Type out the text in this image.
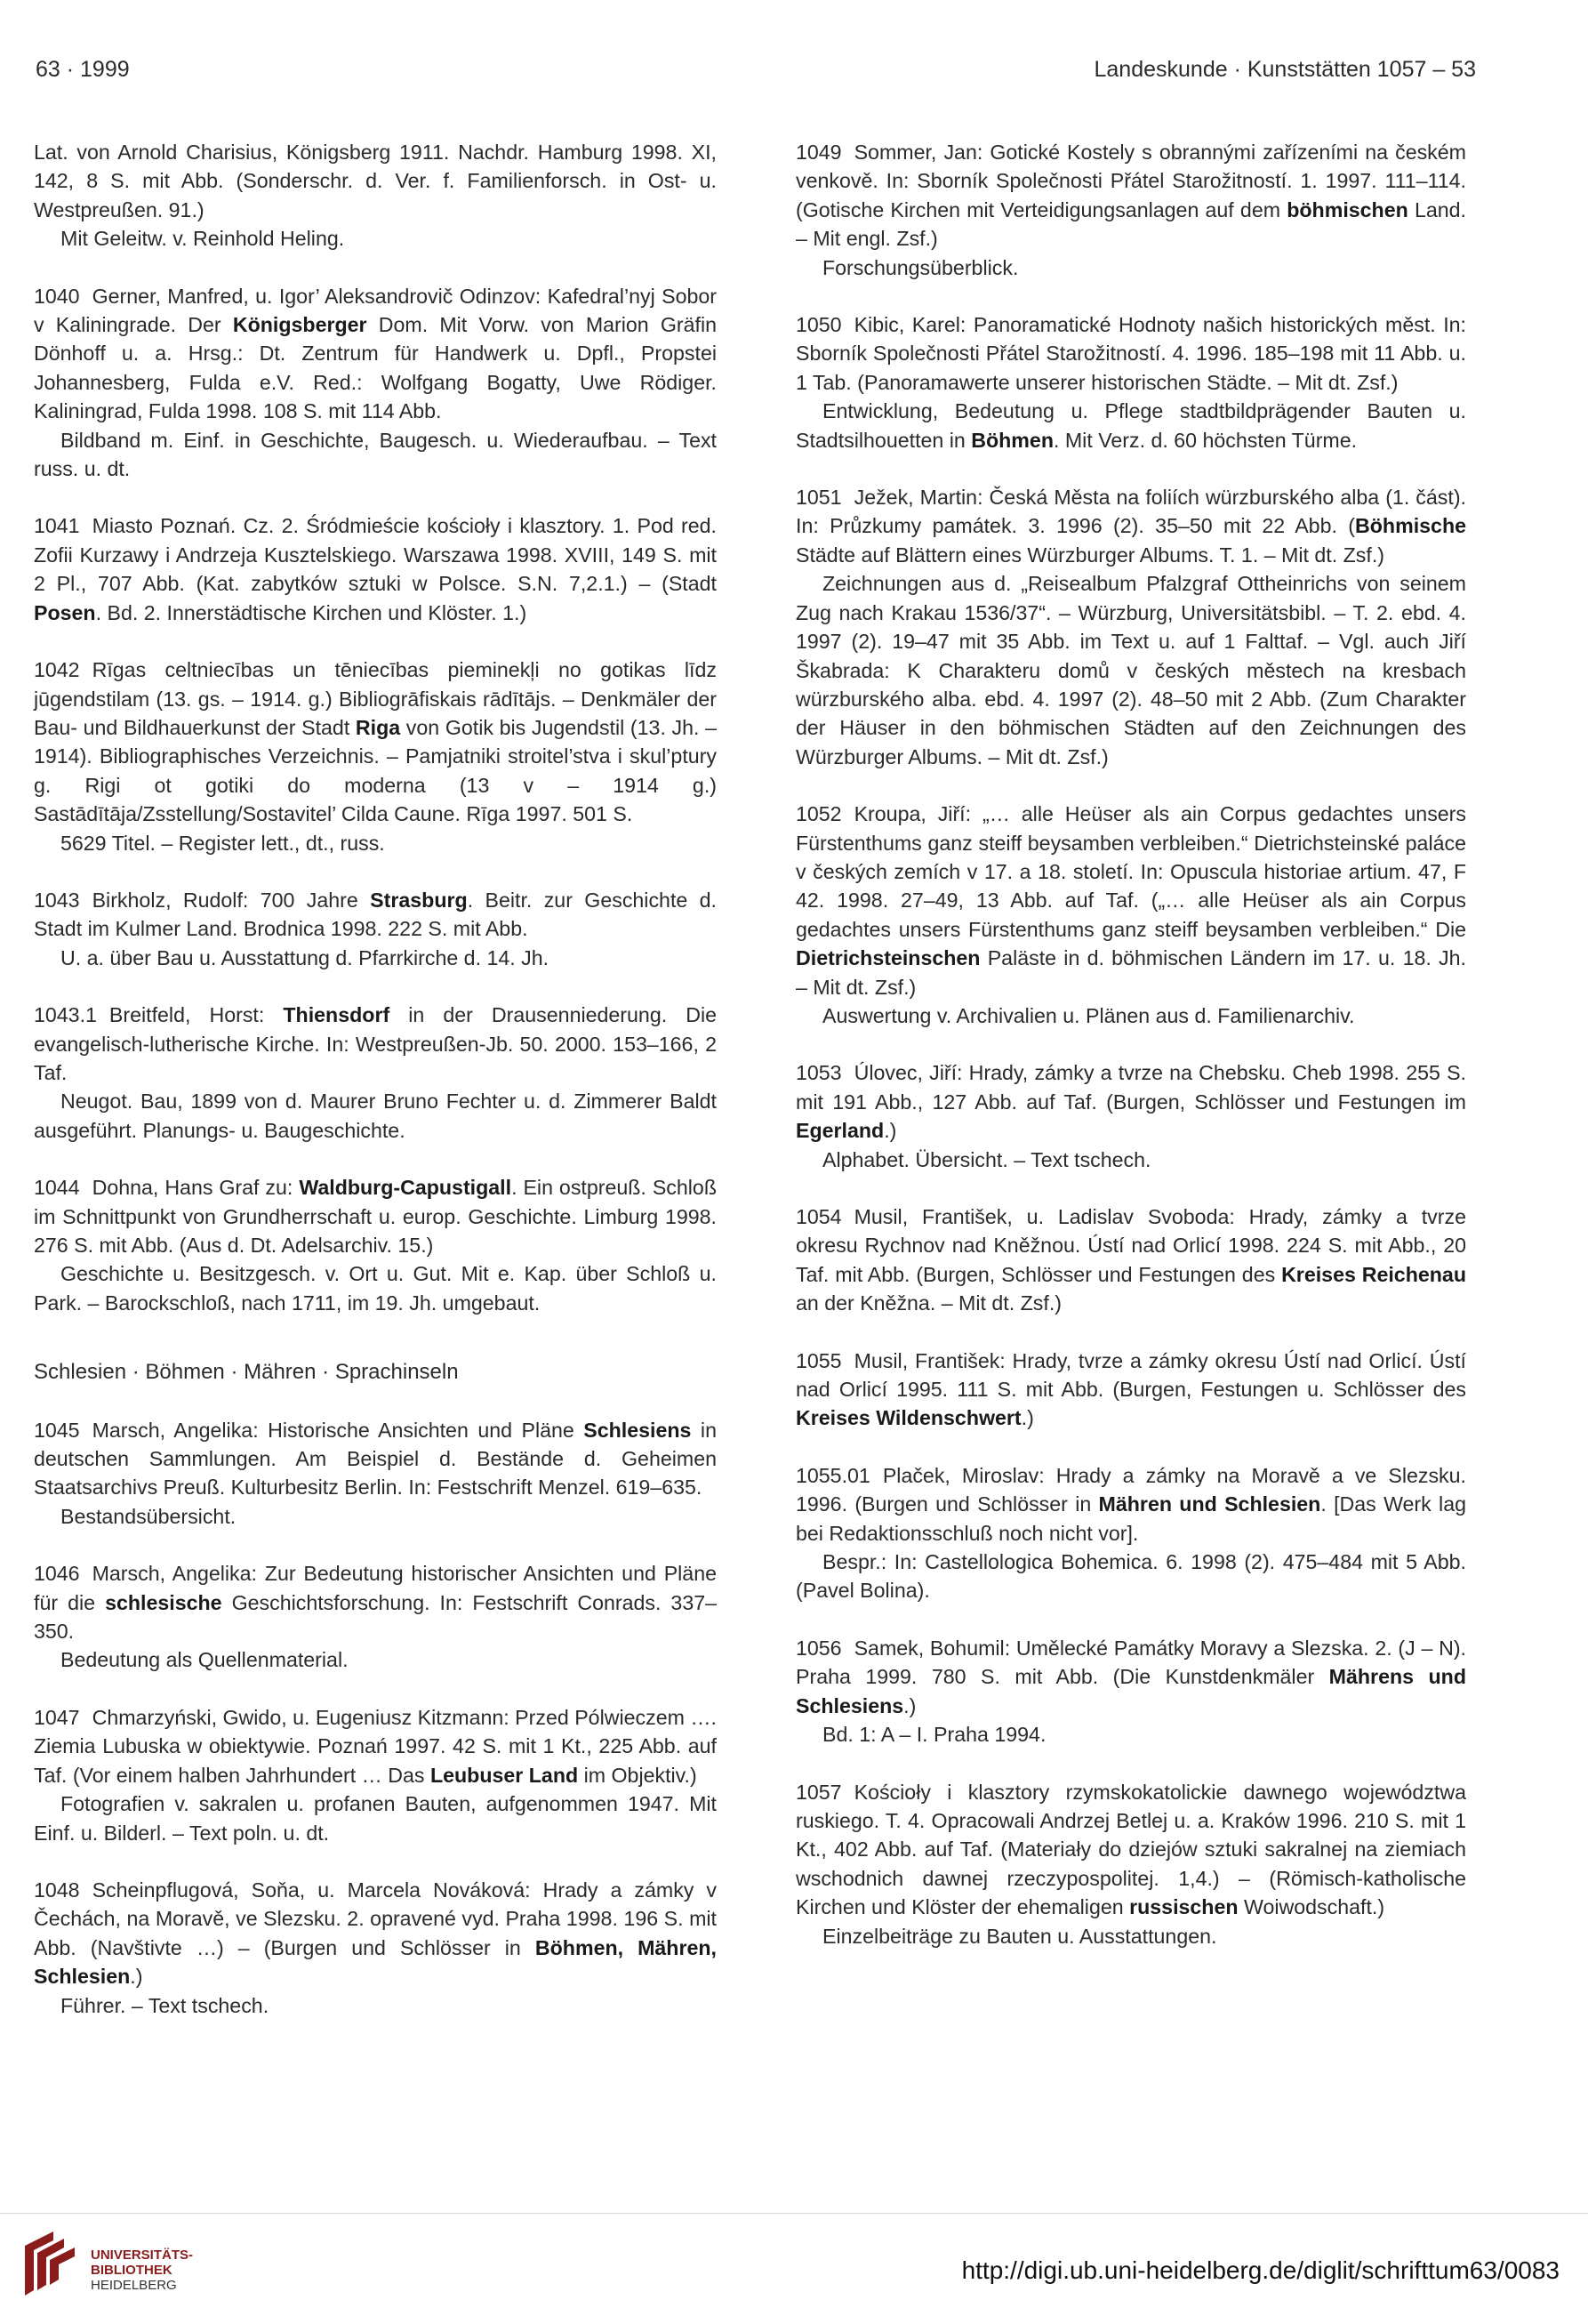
63 · 1999	Landeskunde · Kunststätten 1057 – 53

Lat. von Arnold Charisius, Königsberg 1911. Nachdr. Hamburg 1998. XI, 142, 8 S. mit Abb. (Sonderschr. d. Ver. f. Familienforsch. in Ost- u. Westpreußen. 91.)

Mit Geleitw. v. Reinhold Heling.

1040 Gerner, Manfred, u. Igor’ Aleksandrovič Odinzov: Kafedral’nyj Sobor v Kaliningrade. Der Königsberger Dom. Mit Vorw. von Marion Gräfin Dönhoff u. a. Hrsg.: Dt. Zentrum für Handwerk u. Dpfl., Propstei Johannesberg, Fulda e.V. Red.: Wolfgang Bogatty, Uwe Rödiger. Kaliningrad, Fulda 1998. 108 S. mit 114 Abb.

Bildband m. Einf. in Geschichte, Baugesch. u. Wiederaufbau. – Text russ. u. dt.

1041 Miasto Poznań. Cz. 2. Śródmieście kościoły i klasztory. 1. Pod red. Zofii Kurzawy i Andrzeja Kusztelskiego. Warszawa 1998. XVIII, 149 S. mit 2 Pl., 707 Abb. (Kat. zabytków sztuki w Polsce. S.N. 7,2.1.) – (Stadt Posen. Bd. 2. Innerstädtische Kirchen und Klöster. 1.)

1042 Rīgas celtniecības un tēniecības pieminekļi no gotikas līdz jūgendstilam (13. gs. – 1914. g.) Bibliogrāfiskais rādītājs. – Denkmäler der Bau- und Bildhauerkunst der Stadt Riga von Gotik bis Jugendstil (13. Jh. – 1914). Bibliographisches Verzeichnis. – Pamjatniki stroitel’stva i skul’ptury g. Rigi ot gotiki do moderna (13 v – 1914 g.) Sastādītāja/Zsstellung/Sostavitel’ Cilda Caune. Rīga 1997. 501 S.

5629 Titel. – Register lett., dt., russ.

1043 Birkholz, Rudolf: 700 Jahre Strasburg. Beitr. zur Geschichte d. Stadt im Kulmer Land. Brodnica 1998. 222 S. mit Abb.

U. a. über Bau u. Ausstattung d. Pfarrkirche d. 14. Jh.

1043.1 Breitfeld, Horst: Thiensdorf in der Drausenniederung. Die evangelisch-lutherische Kirche. In: Westpreußen-Jb. 50. 2000. 153–166, 2 Taf.

Neugot. Bau, 1899 von d. Maurer Bruno Fechter u. d. Zimmerer Baldt ausgeführt. Planungs- u. Baugeschichte.

1044 Dohna, Hans Graf zu: Waldburg-Capustigall. Ein ostpreuß. Schloß im Schnittpunkt von Grundherrschaft u. europ. Geschichte. Limburg 1998. 276 S. mit Abb. (Aus d. Dt. Adelsarchiv. 15.)

Geschichte u. Besitzgesch. v. Ort u. Gut. Mit e. Kap. über Schloß u. Park. – Barockschloß, nach 1711, im 19. Jh. umgebaut.

Schlesien · Böhmen · Mähren · Sprachinseln

1045 Marsch, Angelika: Historische Ansichten und Pläne Schlesiens in deutschen Sammlungen. Am Beispiel d. Bestände d. Geheimen Staatsarchivs Preuß. Kulturbesitz Berlin. In: Festschrift Menzel. 619–635.

Bestandsübersicht.

1046 Marsch, Angelika: Zur Bedeutung historischer Ansichten und Pläne für die schlesische Geschichtsforschung. In: Festschrift Conrads. 337–350.

Bedeutung als Quellenmaterial.

1047 Chmarzyński, Gwido, u. Eugeniusz Kitzmann: Przed Pólwieczem …. Ziemia Lubuska w obiektywie. Poznań 1997. 42 S. mit 1 Kt., 225 Abb. auf Taf. (Vor einem halben Jahrhundert … Das Leubuser Land im Objektiv.)

Fotografien v. sakralen u. profanen Bauten, aufgenommen 1947. Mit Einf. u. Bilderl. – Text poln. u. dt.

1048 Scheinpflugová, Soňa, u. Marcela Nováková: Hrady a zámky v Čechách, na Moravě, ve Slezsku. 2. opravené vyd. Praha 1998. 196 S. mit Abb. (Navštivte …) – (Burgen und Schlösser in Böhmen, Mähren, Schlesien.)

Führer. – Text tschech.

1049 Sommer, Jan: Gotické Kostely s obrannými zařízeními na českém venkově. In: Sborník Společnosti Přátel Starožitností. 1. 1997. 111–114. (Gotische Kirchen mit Verteidigungsanlagen auf dem böhmischen Land. – Mit engl. Zsf.)

Forschungsüberblick.

1050 Kibic, Karel: Panoramatické Hodnoty našich historických měst. In: Sborník Společnosti Přátel Starožitností. 4. 1996. 185–198 mit 11 Abb. u. 1 Tab. (Panoramawerte unserer historischen Städte. – Mit dt. Zsf.)

Entwicklung, Bedeutung u. Pflege stadtbildprägender Bauten u. Stadtsilhouetten in Böhmen. Mit Verz. d. 60 höchsten Türme.

1051 Ježek, Martin: Česká Města na foliích würzburského alba (1. část). In: Průzkumy památek. 3. 1996 (2). 35–50 mit 22 Abb. (Böhmische Städte auf Blättern eines Würzburger Albums. T. 1. – Mit dt. Zsf.)

Zeichnungen aus d. „Reisealbum Pfalzgraf Ottheinrichs von seinem Zug nach Krakau 1536/37“. – Würzburg, Universitätsbibl. – T. 2. ebd. 4. 1997 (2). 19–47 mit 35 Abb. im Text u. auf 1 Falttaf. – Vgl. auch Jiří Škabrada: K Charakteru domů v českých městech na kresbach würzburského alba. ebd. 4. 1997 (2). 48–50 mit 2 Abb. (Zum Charakter der Häuser in den böhmischen Städten auf den Zeichnungen des Würzburger Albums. – Mit dt. Zsf.)

1052 Kroupa, Jiří: „… alle Heüser als ain Corpus gedachtes unsers Fürstenthums ganz steiff beysamben verbleiben.“ Dietrichsteinské paláce v českých zemích v 17. a 18. století. In: Opuscula historiae artium. 47, F 42. 1998. 27–49, 13 Abb. auf Taf. („… alle Heüser als ain Corpus gedachtes unsers Fürstenthums ganz steiff beysamben verbleiben.“ Die Dietrichsteinschen Paläste in d. böhmischen Ländern im 17. u. 18. Jh. – Mit dt. Zsf.)

Auswertung v. Archivalien u. Plänen aus d. Familienarchiv.

1053 Úlovec, Jiří: Hrady, zámky a tvrze na Chebsku. Cheb 1998. 255 S. mit 191 Abb., 127 Abb. auf Taf. (Burgen, Schlösser und Festungen im Egerland.)

Alphabet. Übersicht. – Text tschech.

1054 Musil, František, u. Ladislav Svoboda: Hrady, zámky a tvrze okresu Rychnov nad Kněžnou. Ústí nad Orlicí 1998. 224 S. mit Abb., 20 Taf. mit Abb. (Burgen, Schlösser und Festungen des Kreises Reichenau an der Kněžna. – Mit dt. Zsf.)

1055 Musil, František: Hrady, tvrze a zámky okresu Ústí nad Orlicí. Ústí nad Orlicí 1995. 111 S. mit Abb. (Burgen, Festungen u. Schlösser des Kreises Wildenschwert.)

1055.01 Plaček, Miroslav: Hrady a zámky na Moravě a ve Slezsku. 1996. (Burgen und Schlösser in Mähren und Schlesien. [Das Werk lag bei Redaktionsschluß noch nicht vor].

Bespr.: In: Castellologica Bohemica. 6. 1998 (2). 475–484 mit 5 Abb. (Pavel Bolina).

1056 Samek, Bohumil: Umělecké Památky Moravy a Slezska. 2. (J – N). Praha 1999. 780 S. mit Abb. (Die Kunstdenkmäler Mährens und Schlesiens.)

Bd. 1: A – I. Praha 1994.

1057 Kościoły i klasztory rzymskokatolickie dawnego województwa ruskiego. T. 4. Opracowali Andrzej Betlej u. a. Kraków 1996. 210 S. mit 1 Kt., 402 Abb. auf Taf. (Materiały do dziejów sztuki sakralnej na ziemiach wschodnich dawnej rzeczypospolitej. 1,4.) – (Römisch-katholische Kirchen und Klöster der ehemaligen russischen Woiwodschaft.)

Einzelbeiträge zu Bauten u. Ausstattungen.

UNIVERSITÄTS-
BIBLIOTHEK
HEIDELBERG
http://digi.ub.uni-heidelberg.de/diglit/schrifttum63/0083
